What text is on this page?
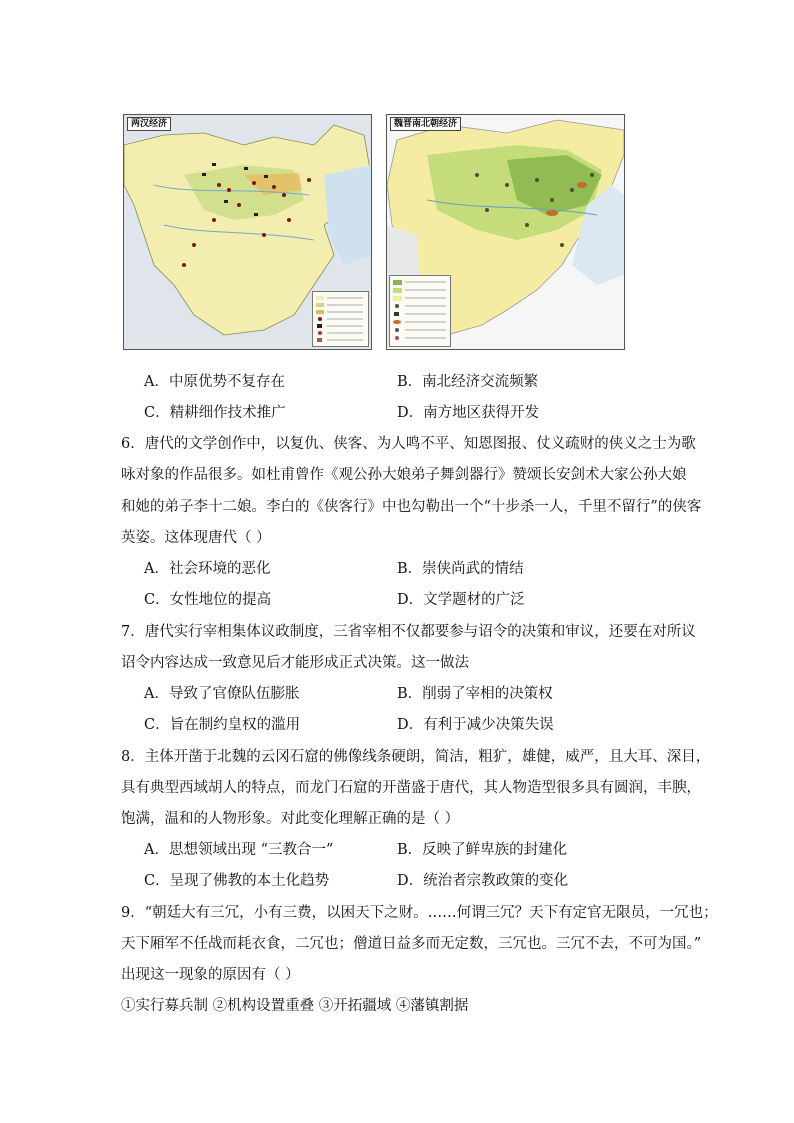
两汉经济	魏晋南北朝经济
A．中原优势不复存在	B．南北经济交流频繁
C．精耕细作技术推广	D．南方地区获得开发
6．唐代的文学创作中，以复仇、侠客、为人鸣不平、知恩图报、仗义疏财的侠义之士为歌
咏对象的作品很多。如杜甫曾作《观公孙大娘弟子舞剑器行》赞颂长安剑术大家公孙大娘
和她的弟子李十二娘。李白的《侠客行》中也勾勒出一个“十步杀一人，千里不留行”的侠客
英姿。这体现唐代（ ）
A．社会环境的恶化	B．崇侠尚武的情结
C．女性地位的提高	D．文学题材的广泛
7．唐代实行宰相集体议政制度，三省宰相不仅都要参与诏令的决策和审议，还要在对所议
诏令内容达成一致意见后才能形成正式决策。这一做法
A．导致了官僚队伍膨胀	B．削弱了宰相的决策权
C．旨在制约皇权的滥用	D．有利于减少决策失误
8．主体开凿于北魏的云冈石窟的佛像线条硬朗，简洁，粗犷，雄健，威严，且大耳、深目，
具有典型西域胡人的特点，而龙门石窟的开凿盛于唐代，其人物造型很多具有圆润，丰腴，
饱满，温和的人物形象。对此变化理解正确的是（ ）
A．思想领域出现 “三教合一”	B．反映了鲜卑族的封建化
C．呈现了佛教的本土化趋势	D．统治者宗教政策的变化
9．“朝廷大有三冗，小有三费，以困天下之财。……何谓三冗？天下有定官无限员，一冗也；
天下厢军不任战而耗衣食，二冗也；僧道日益多而无定数，三冗也。三冗不去，不可为国。”
出现这一现象的原因有（ ）
①实行募兵制 ②机构设置重叠 ③开拓疆域 ④藩镇割据
